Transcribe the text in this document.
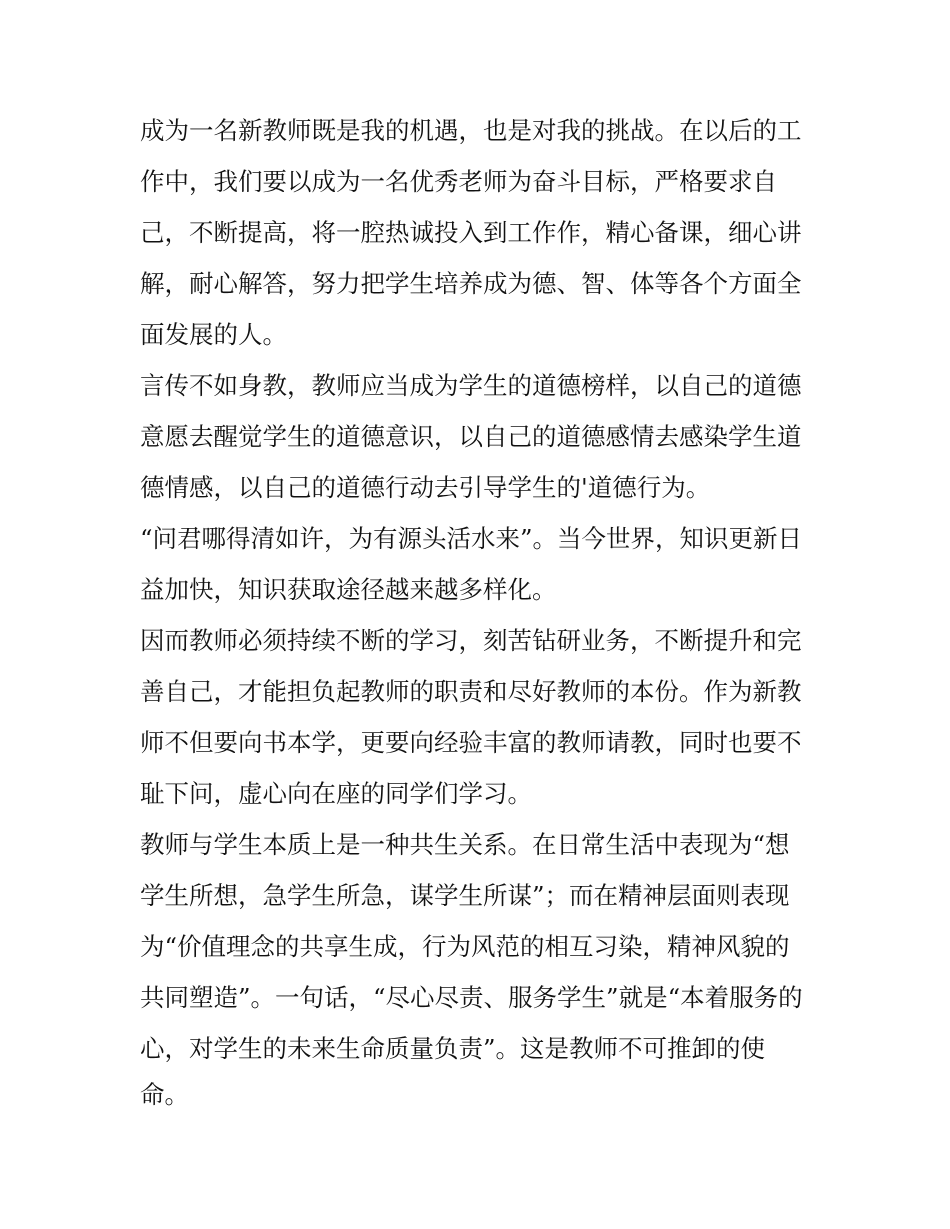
成为一名新教师既是我的机遇，也是对我的挑战。在以后的工
作中，我们要以成为一名优秀老师为奋斗目标，严格要求自
己，不断提高，将一腔热诚投入到工作作，精心备课，细心讲
解，耐心解答，努力把学生培养成为德、智、体等各个方面全
面发展的人。
言传不如身教，教师应当成为学生的道德榜样，以自己的道德
意愿去醒觉学生的道德意识，以自己的道德感情去感染学生道
德情感，以自己的道德行动去引导学生的'道德行为。
“问君哪得清如许，为有源头活水来”。当今世界，知识更新日
益加快，知识获取途径越来越多样化。
因而教师必须持续不断的学习，刻苦钻研业务，不断提升和完
善自己，才能担负起教师的职责和尽好教师的本份。作为新教
师不但要向书本学，更要向经验丰富的教师请教，同时也要不
耻下问，虚心向在座的同学们学习。
教师与学生本质上是一种共生关系。在日常生活中表现为“想
学生所想，急学生所急，谋学生所谋”；而在精神层面则表现
为“价值理念的共享生成，行为风范的相互习染，精神风貌的
共同塑造”。一句话，“尽心尽责、服务学生”就是“本着服务的
心，对学生的未来生命质量负责”。这是教师不可推卸的使
命。
